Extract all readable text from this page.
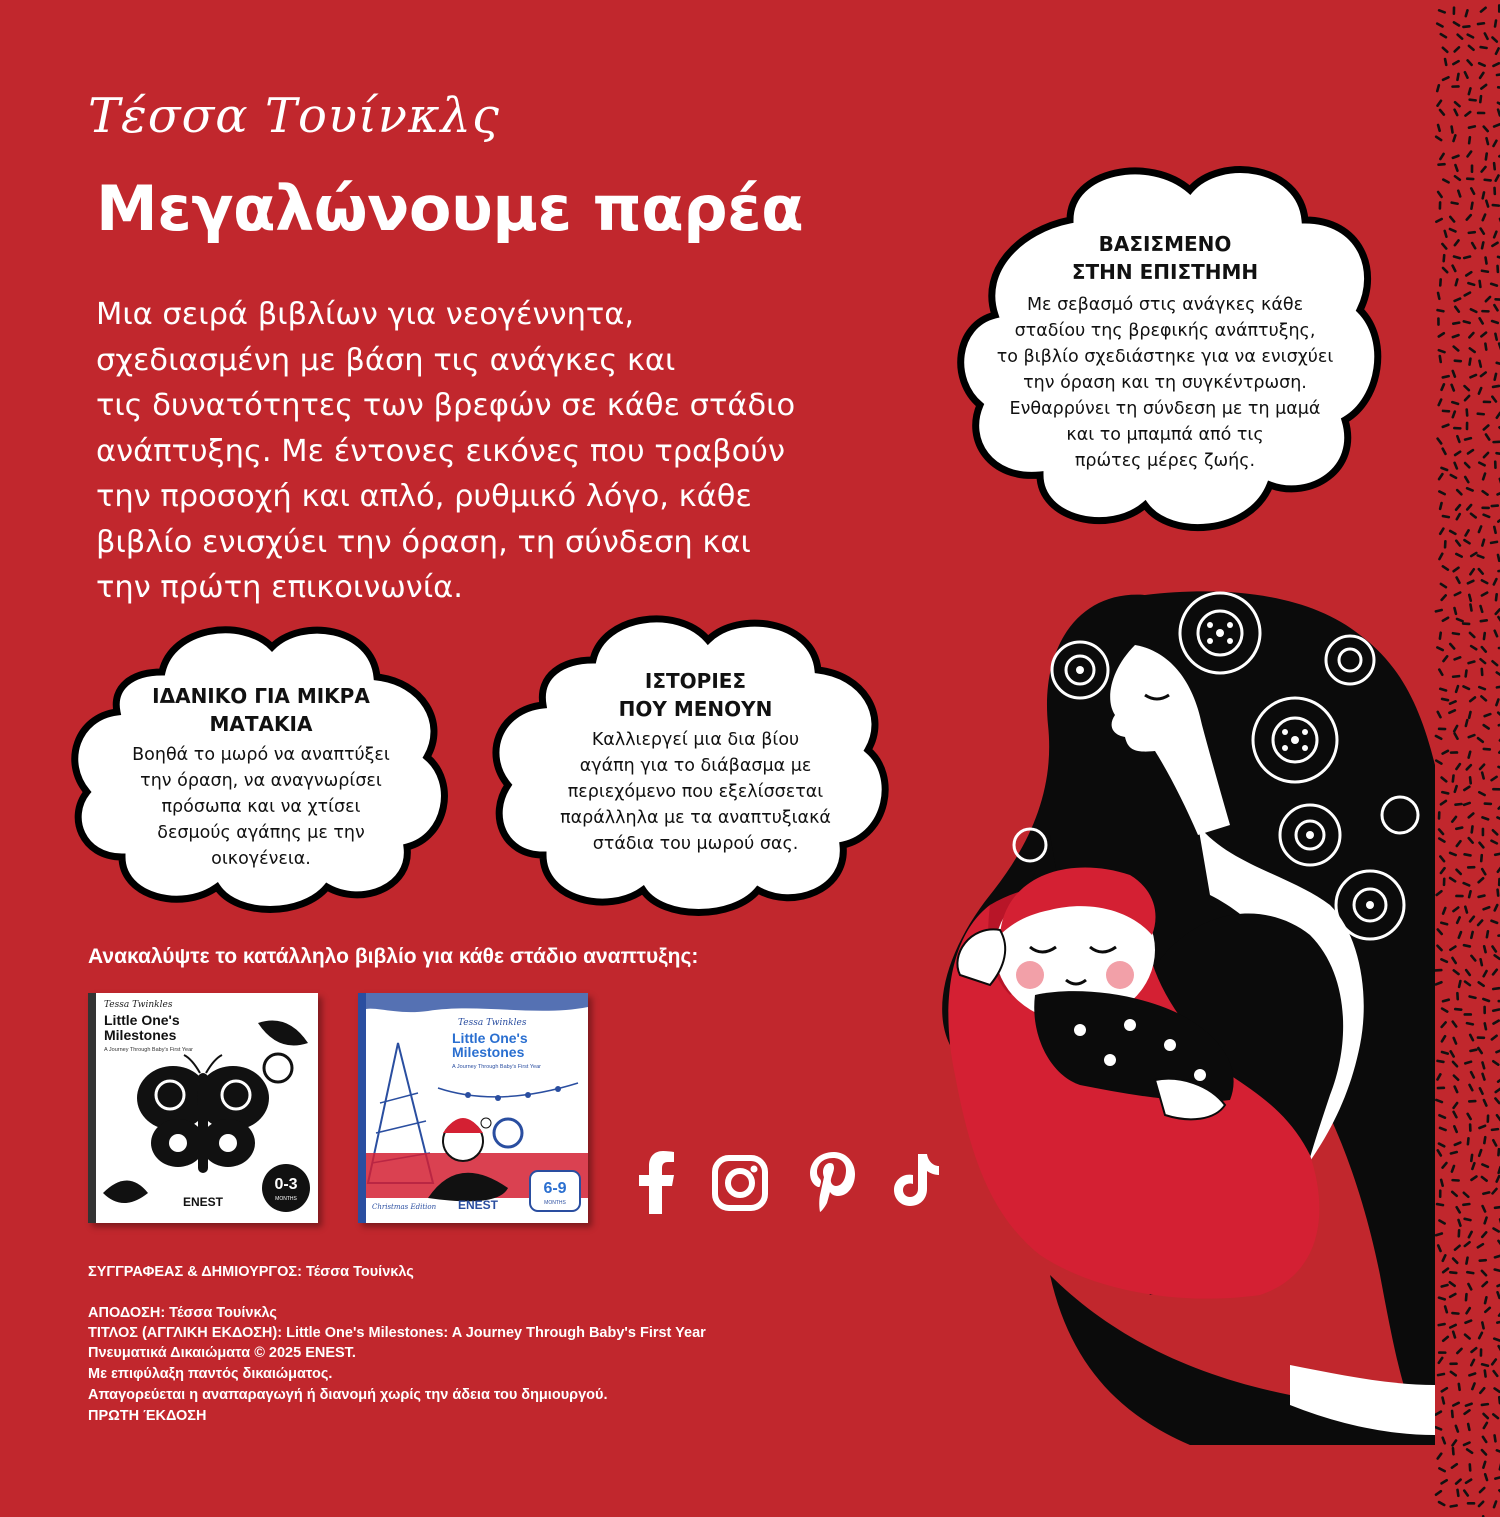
Τέσσα Τουίνκλς
Μεγαλώνουμε παρέα
Μια σειρά βιβλίων για νεογέννητα,
σχεδιασμένη με βάση τις ανάγκες και
τις δυνατότητες των βρεφών σε κάθε στάδιο
ανάπτυξης. Με έντονες εικόνες που τραβούν
την προσοχή και απλό, ρυθμικό λόγο, κάθε
βιβλίο ενισχύει την όραση, τη σύνδεση και
την πρώτη επικοινωνία.
ΒΑΣΙΣΜΕΝΟ
ΣΤΗΝ ΕΠΙΣΤΗΜΗ
Με σεβασμό στις ανάγκες κάθε
σταδίου της βρεφικής ανάπτυξης,
το βιβλίο σχεδιάστηκε για να ενισχύει
την όραση και τη συγκέντρωση.
Ενθαρρύνει τη σύνδεση με τη μαμά
και το μπαμπά από τις
πρώτες μέρες ζωής.
ΙΔΑΝΙΚΟ ΓΙΑ ΜΙΚΡΑ
ΜΑΤΑΚΙΑ
Βοηθά το μωρό να αναπτύξει
την όραση, να αναγνωρίσει
πρόσωπα και να χτίσει
δεσμούς αγάπης με την
οικογένεια.
ΙΣΤΟΡΙΕΣ
ΠΟΥ ΜΕΝΟΥΝ
Καλλιεργεί μια δια βίου
αγάπη για το διάβασμα με
περιεχόμενο που εξελίσσεται
παράλληλα με τα αναπτυξιακά
στάδια του μωρού σας.
Ανακαλύψτε το κατάλληλο βιβλίο για κάθε στάδιο αναπτυξης:
Tessa Twinkles
Little One's
Milestones
A Journey Through Baby's First Year
ENEST
0-3
MONTHS
Tessa Twinkles
Little One's
Milestones
A Journey Through Baby's First Year
Christmas Edition ENEST
6-9
MONTHS
ΣΥΓΓΡΑΦΕΑΣ & ΔΗΜΙΟΥΡΓΟΣ: Τέσσα Τουίνκλς
ΑΠΟΔΟΣΗ: Τέσσα Τουίνκλς
ΤΙΤΛΟΣ (ΑΓΓΛΙΚΗ ΕΚΔΟΣΗ): Little One's Milestones: A Journey Through Baby's First Year
Πνευματικά Δικαιώματα © 2025 ENEST.
Με επιφύλαξη παντός δικαιώματος.
Απαγορεύεται η αναπαραγωγή ή διανομή χωρίς την άδεια του δημιουργού.
ΠΡΩΤΗ ΈΚΔΟΣΗ
